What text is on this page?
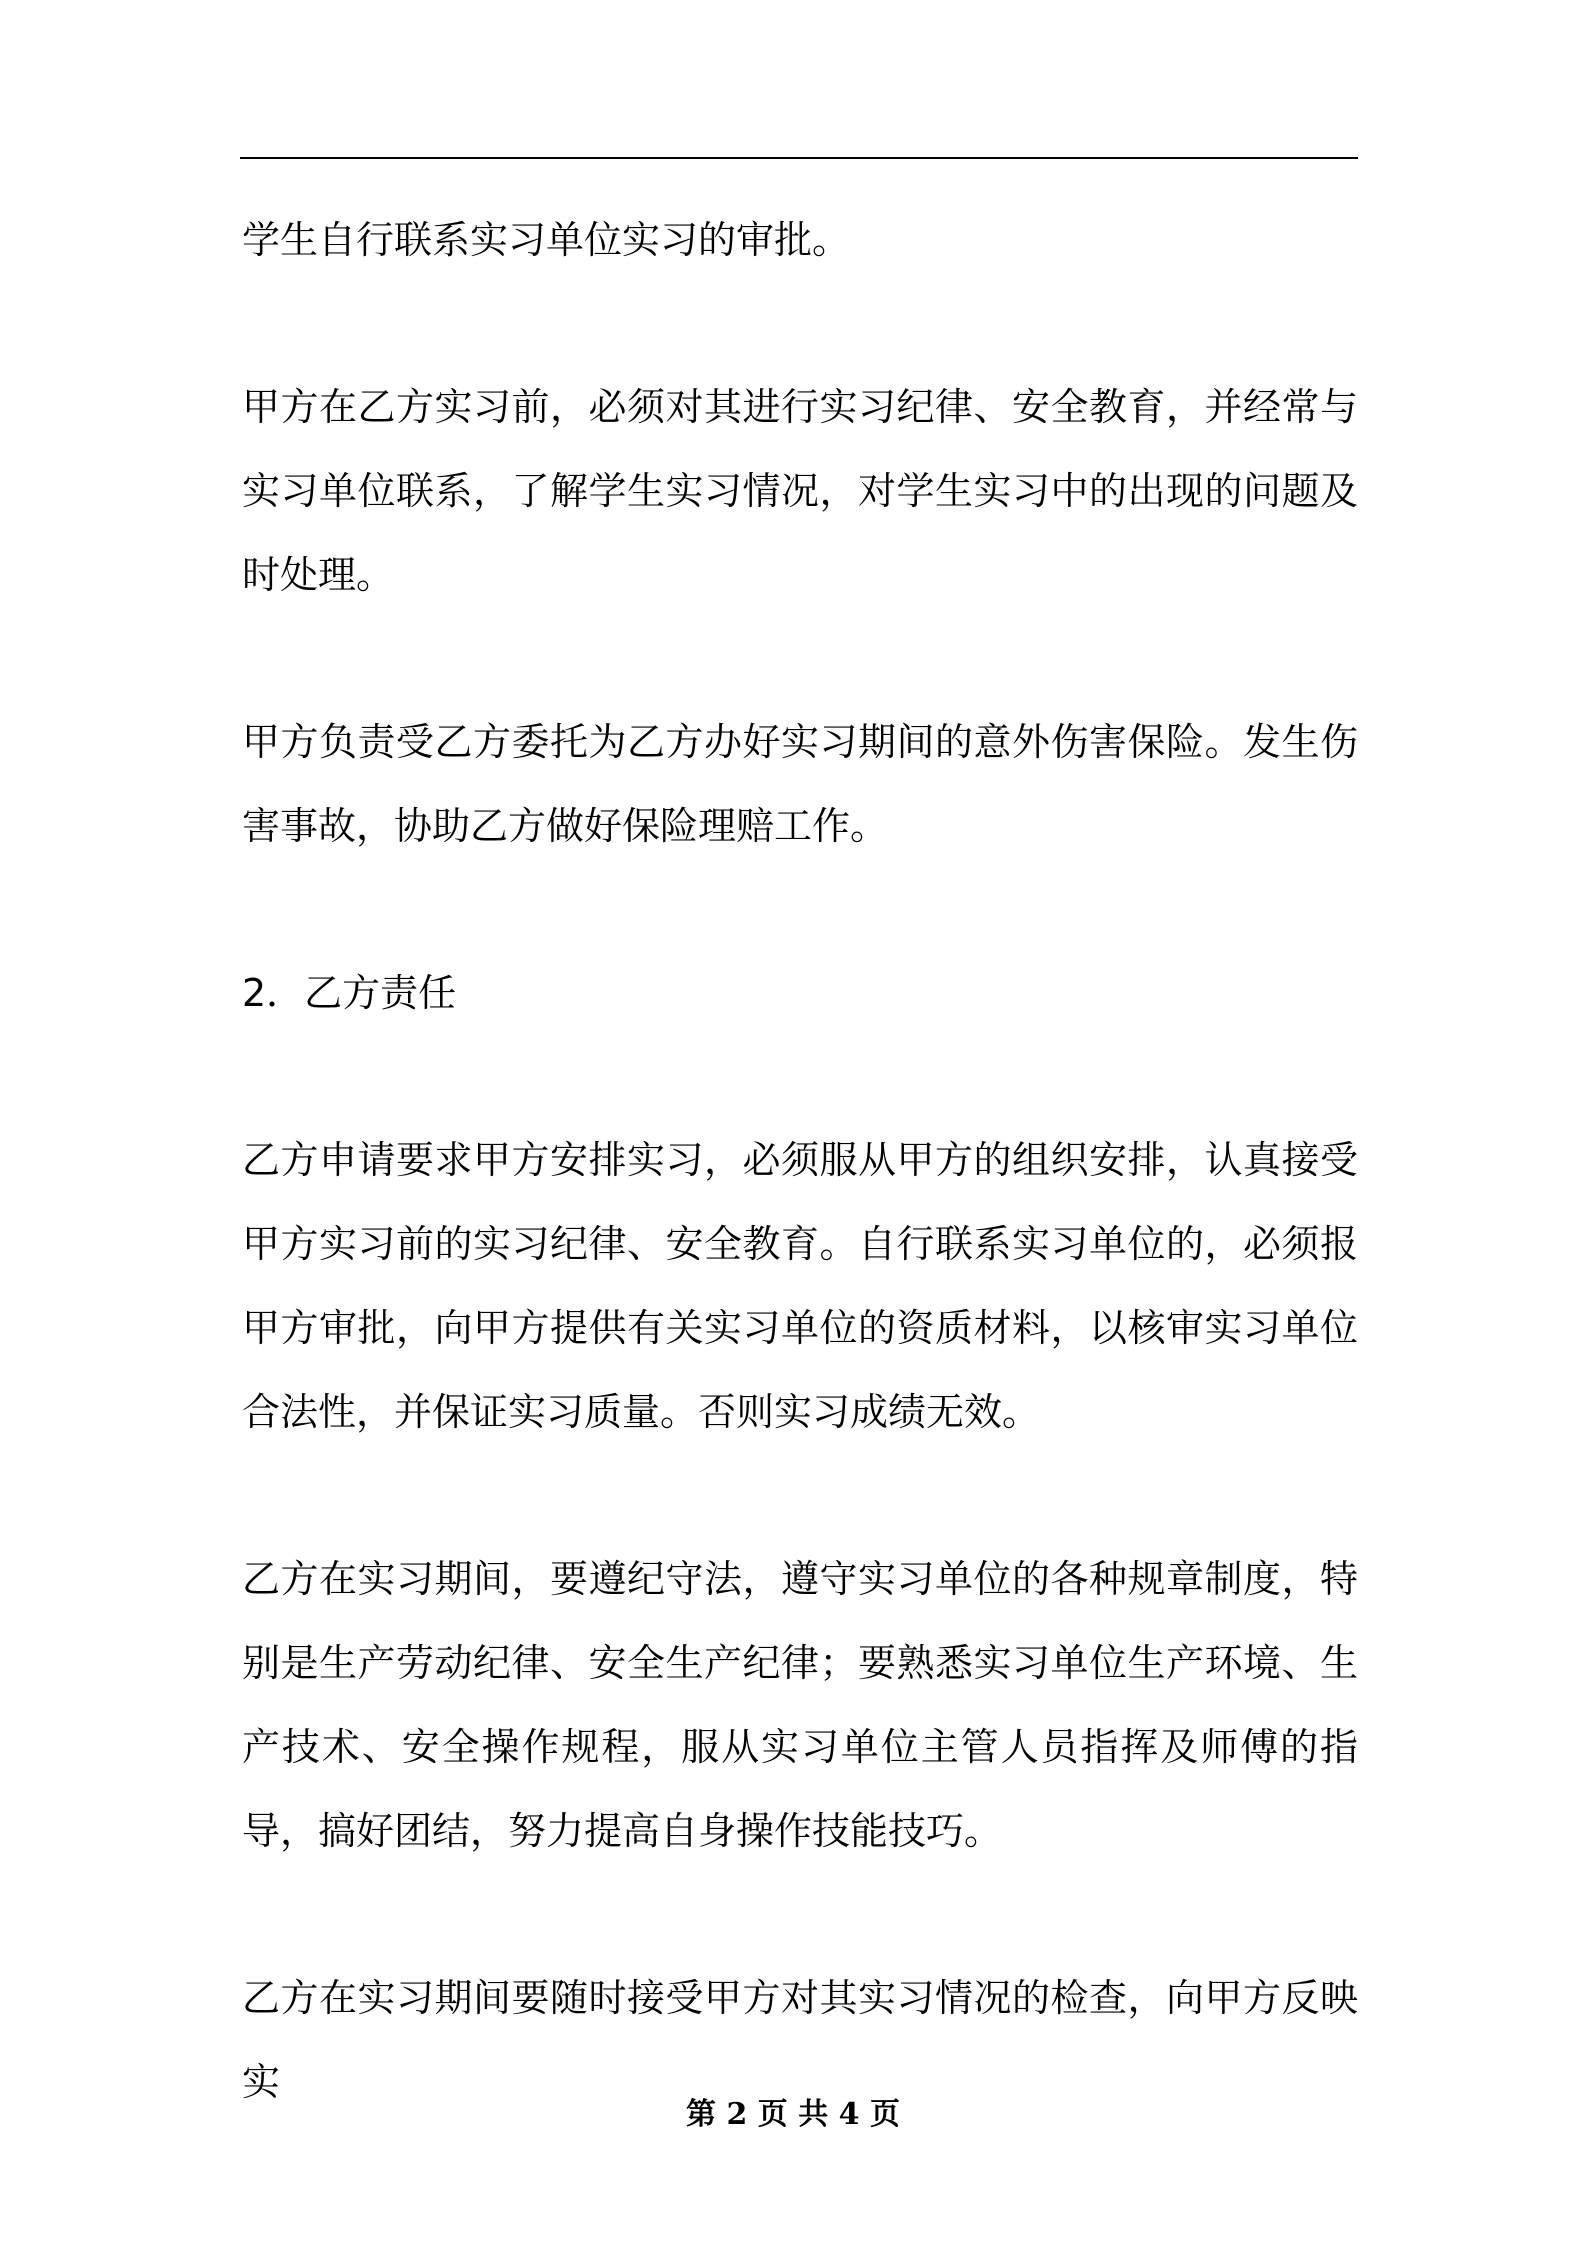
学生自行联系实习单位实习的审批。

甲方在乙方实习前，必须对其进行实习纪律、安全教育，并经常与实习单位联系，了解学生实习情况，对学生实习中的出现的问题及时处理。

甲方负责受乙方委托为乙方办好实习期间的意外伤害保险。发生伤害事故，协助乙方做好保险理赔工作。

2．乙方责任

乙方申请要求甲方安排实习，必须服从甲方的组织安排，认真接受甲方实习前的实习纪律、安全教育。自行联系实习单位的，必须报甲方审批，向甲方提供有关实习单位的资质材料，以核审实习单位合法性，并保证实习质量。否则实习成绩无效。

乙方在实习期间，要遵纪守法，遵守实习单位的各种规章制度，特别是生产劳动纪律、安全生产纪律；要熟悉实习单位生产环境、生产技术、安全操作规程，服从实习单位主管人员指挥及师傅的指导，搞好团结，努力提高自身操作技能技巧。

乙方在实习期间要随时接受甲方对其实习情况的检查，向甲方反映实

第 2 页 共 4 页
